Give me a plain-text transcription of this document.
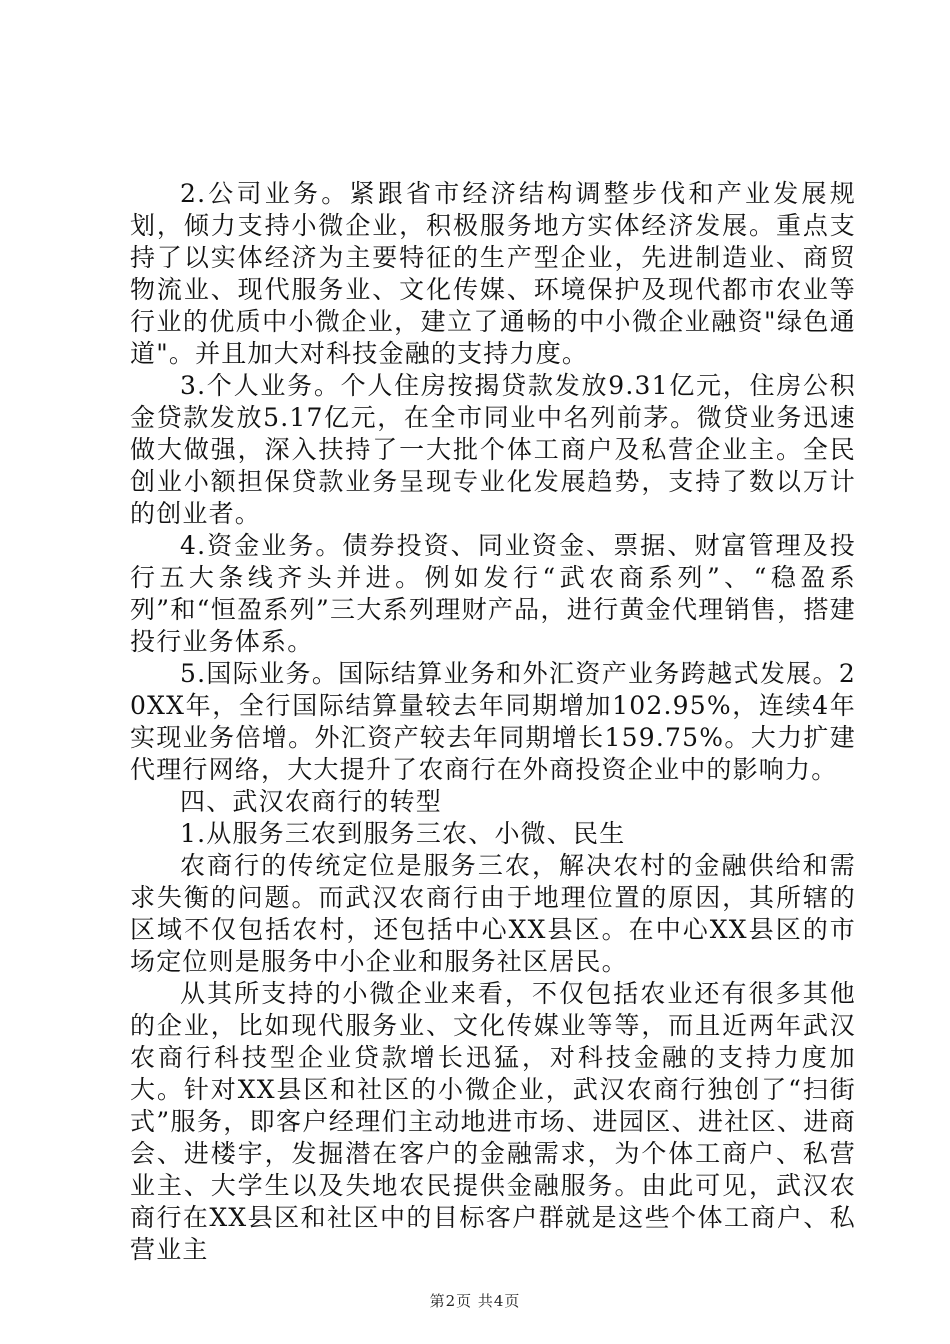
2.公司业务。紧跟省市经济结构调整步伐和产业发展规划，倾力支持小微企业，积极服务地方实体经济发展。重点支持了以实体经济为主要特征的生产型企业，先进制造业、商贸物流业、现代服务业、文化传媒、环境保护及现代都市农业等行业的优质中小微企业，建立了通畅的中小微企业融资"绿色通道"。并且加大对科技金融的支持力度。

3.个人业务。个人住房按揭贷款发放9.31亿元，住房公积金贷款发放5.17亿元，在全市同业中名列前茅。微贷业务迅速做大做强，深入扶持了一大批个体工商户及私营企业主。全民创业小额担保贷款业务呈现专业化发展趋势，支持了数以万计的创业者。

4.资金业务。债券投资、同业资金、票据、财富管理及投行五大条线齐头并进。例如发行“武农商系列”、“稳盈系列”和“恒盈系列”三大系列理财产品，进行黄金代理销售，搭建投行业务体系。

5.国际业务。国际结算业务和外汇资产业务跨越式发展。20XX年，全行国际结算量较去年同期增加102.95%，连续4年实现业务倍增。外汇资产较去年同期增长159.75%。大力扩建代理行网络，大大提升了农商行在外商投资企业中的影响力。

四、武汉农商行的转型

1.从服务三农到服务三农、小微、民生

农商行的传统定位是服务三农，解决农村的金融供给和需求失衡的问题。而武汉农商行由于地理位置的原因，其所辖的区域不仅包括农村，还包括中心XX县区。在中心XX县区的市场定位则是服务中小企业和服务社区居民。

从其所支持的小微企业来看，不仅包括农业还有很多其他的企业，比如现代服务业、文化传媒业等等，而且近两年武汉农商行科技型企业贷款增长迅猛，对科技金融的支持力度加大。针对XX县区和社区的小微企业，武汉农商行独创了“扫街式”服务，即客户经理们主动地进市场、进园区、进社区、进商会、进楼宇，发掘潜在客户的金融需求，为个体工商户、私营业主、大学生以及失地农民提供金融服务。由此可见，武汉农商行在XX县区和社区中的目标客户群就是这些个体工商户、私营业主

第2页 共4页
